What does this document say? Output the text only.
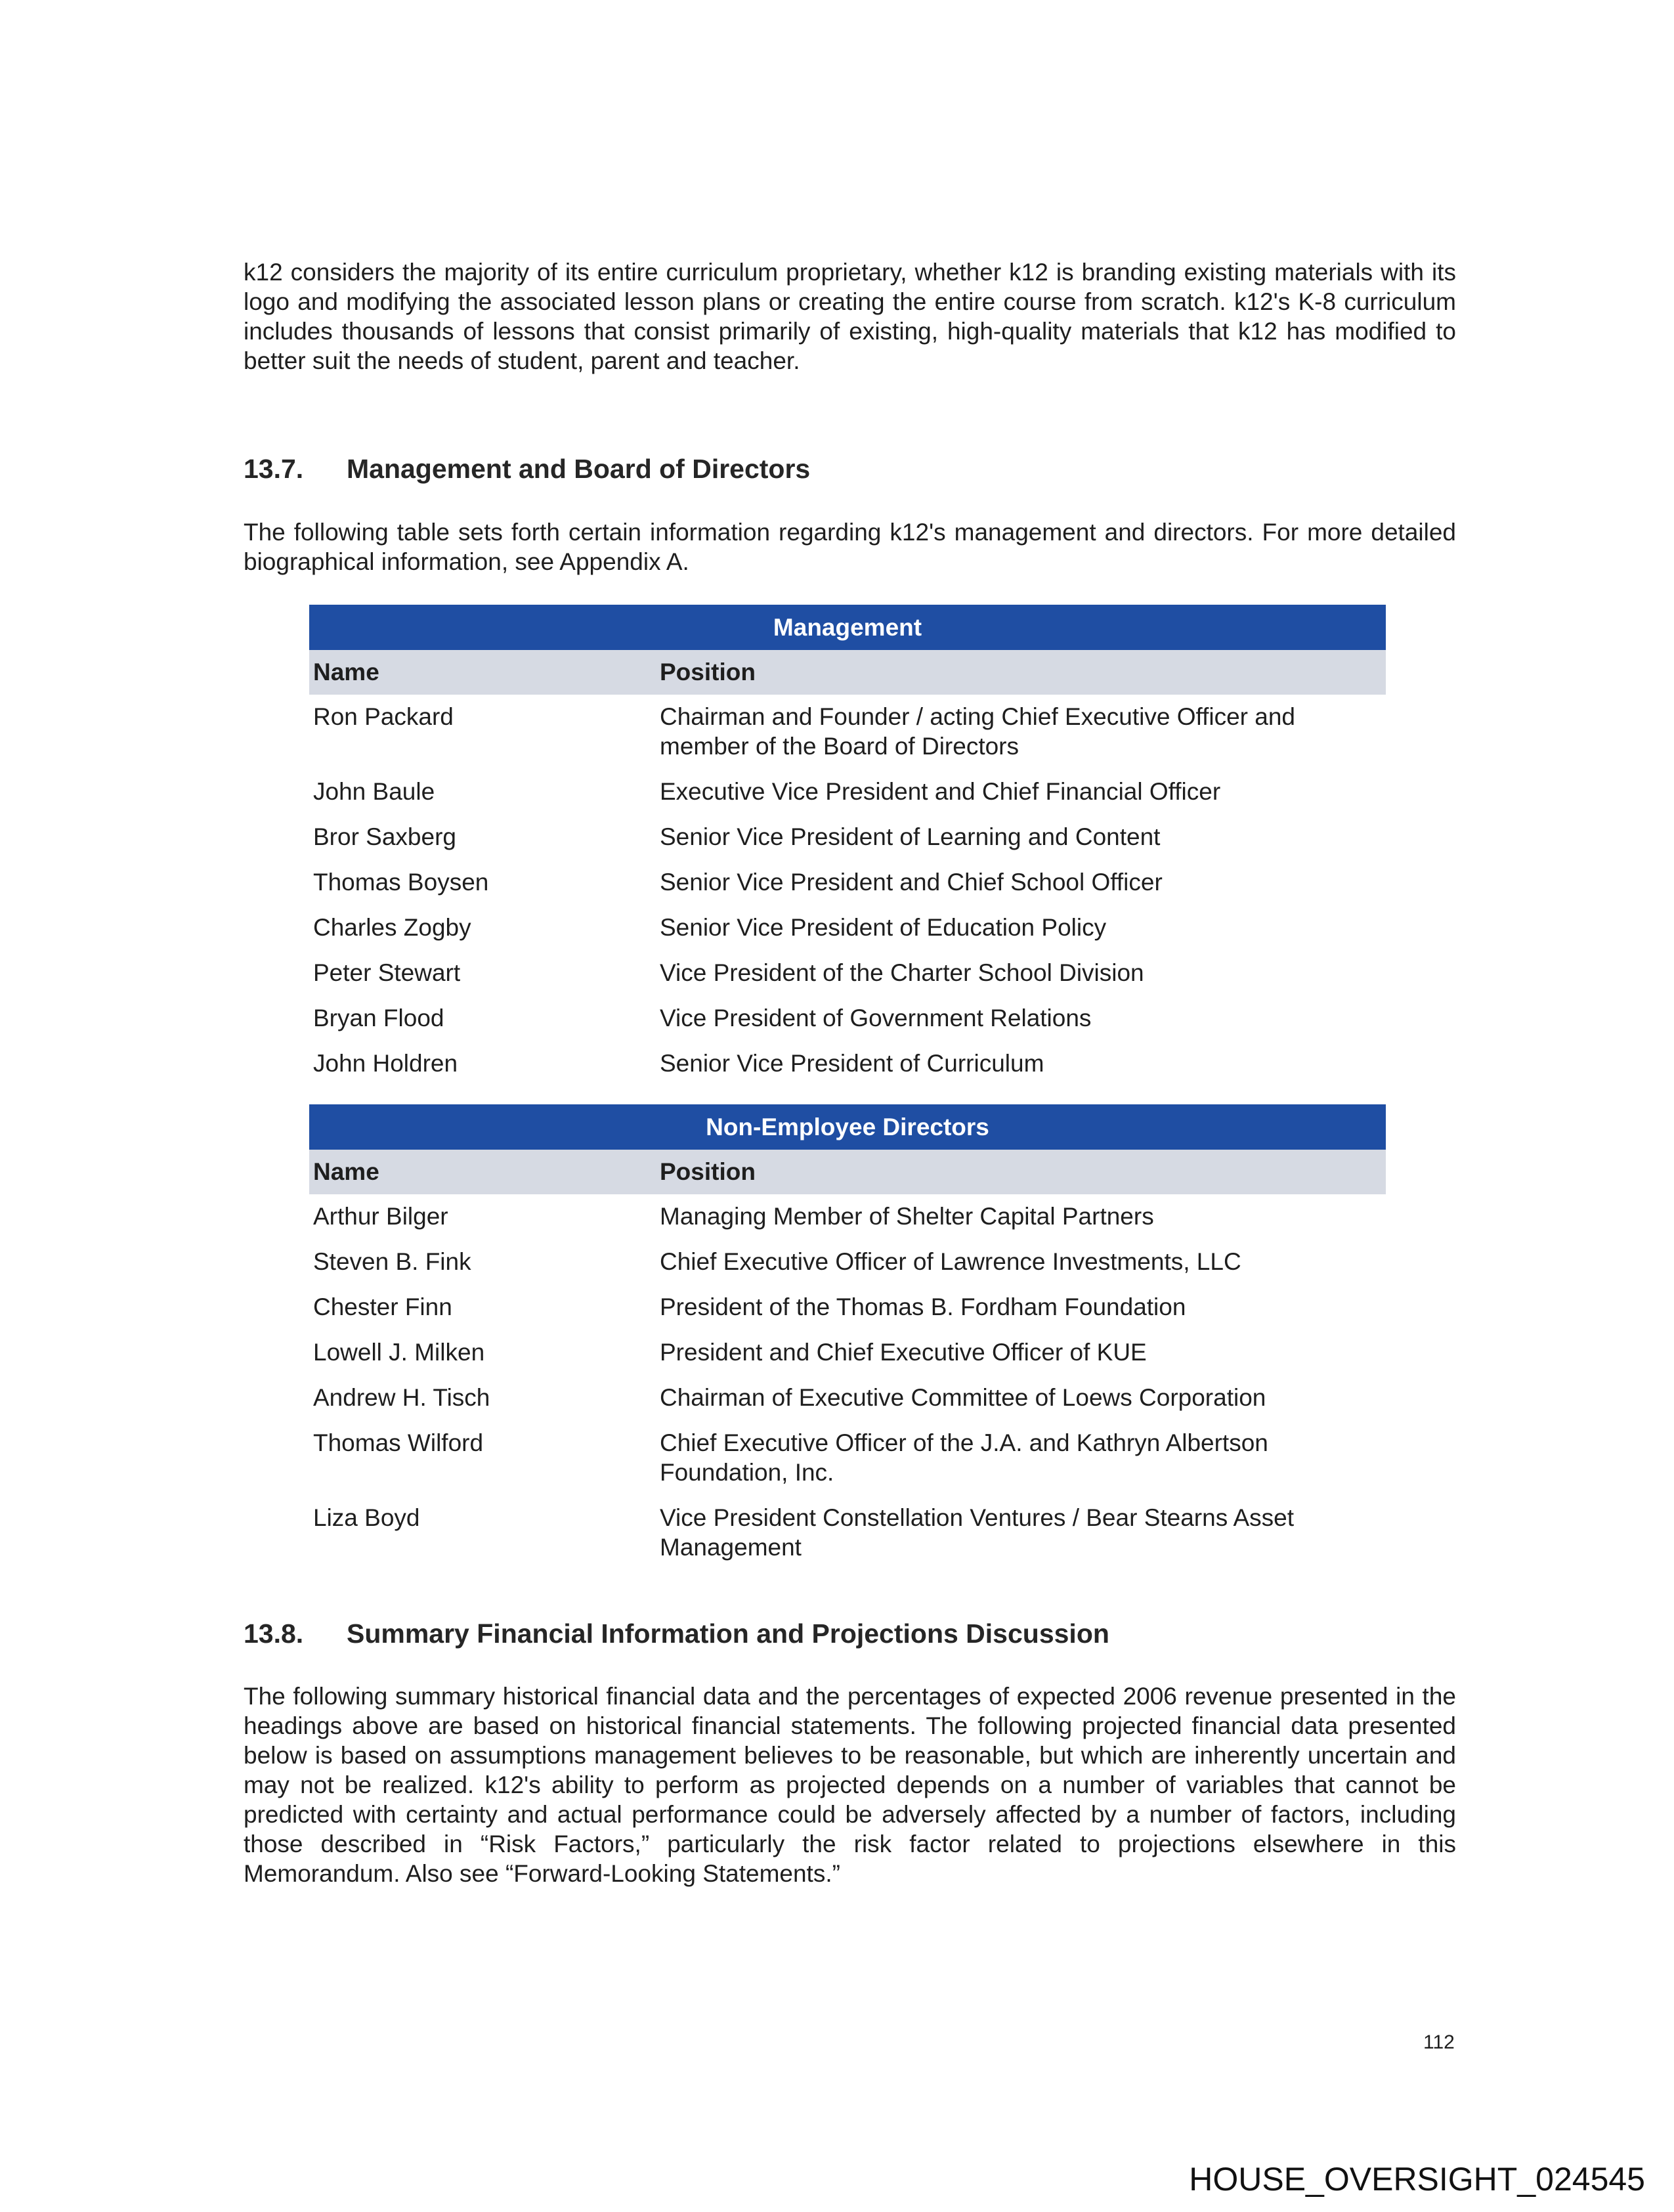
k12 considers the majority of its entire curriculum proprietary, whether k12 is branding existing materials with its logo and modifying the associated lesson plans or creating the entire course from scratch. k12's K-8 curriculum includes thousands of lessons that consist primarily of existing, high-quality materials that k12 has modified to better suit the needs of student, parent and teacher.
13.7. Management and Board of Directors
The following table sets forth certain information regarding k12's management and directors. For more detailed biographical information, see Appendix A.
Management
Name	Position
Ron Packard	Chairman and Founder / acting Chief Executive Officer and member of the Board of Directors
John Baule	Executive Vice President and Chief Financial Officer
Bror Saxberg	Senior Vice President of Learning and Content
Thomas Boysen	Senior Vice President and Chief School Officer
Charles Zogby	Senior Vice President of Education Policy
Peter Stewart	Vice President of the Charter School Division
Bryan Flood	Vice President of Government Relations
John Holdren	Senior Vice President of Curriculum
Non-Employee Directors
Name	Position
Arthur Bilger	Managing Member of Shelter Capital Partners
Steven B. Fink	Chief Executive Officer of Lawrence Investments, LLC
Chester Finn	President of the Thomas B. Fordham Foundation
Lowell J. Milken	President and Chief Executive Officer of KUE
Andrew H. Tisch	Chairman of Executive Committee of Loews Corporation
Thomas Wilford	Chief Executive Officer of the J.A. and Kathryn Albertson Foundation, Inc.
Liza Boyd	Vice President Constellation Ventures / Bear Stearns Asset Management
13.8. Summary Financial Information and Projections Discussion
The following summary historical financial data and the percentages of expected 2006 revenue presented in the headings above are based on historical financial statements. The following projected financial data presented below is based on assumptions management believes to be reasonable, but which are inherently uncertain and may not be realized. k12's ability to perform as projected depends on a number of variables that cannot be predicted with certainty and actual performance could be adversely affected by a number of factors, including those described in “Risk Factors,” particularly the risk factor related to projections elsewhere in this Memorandum. Also see “Forward-Looking Statements.”
112
HOUSE_OVERSIGHT_024545
